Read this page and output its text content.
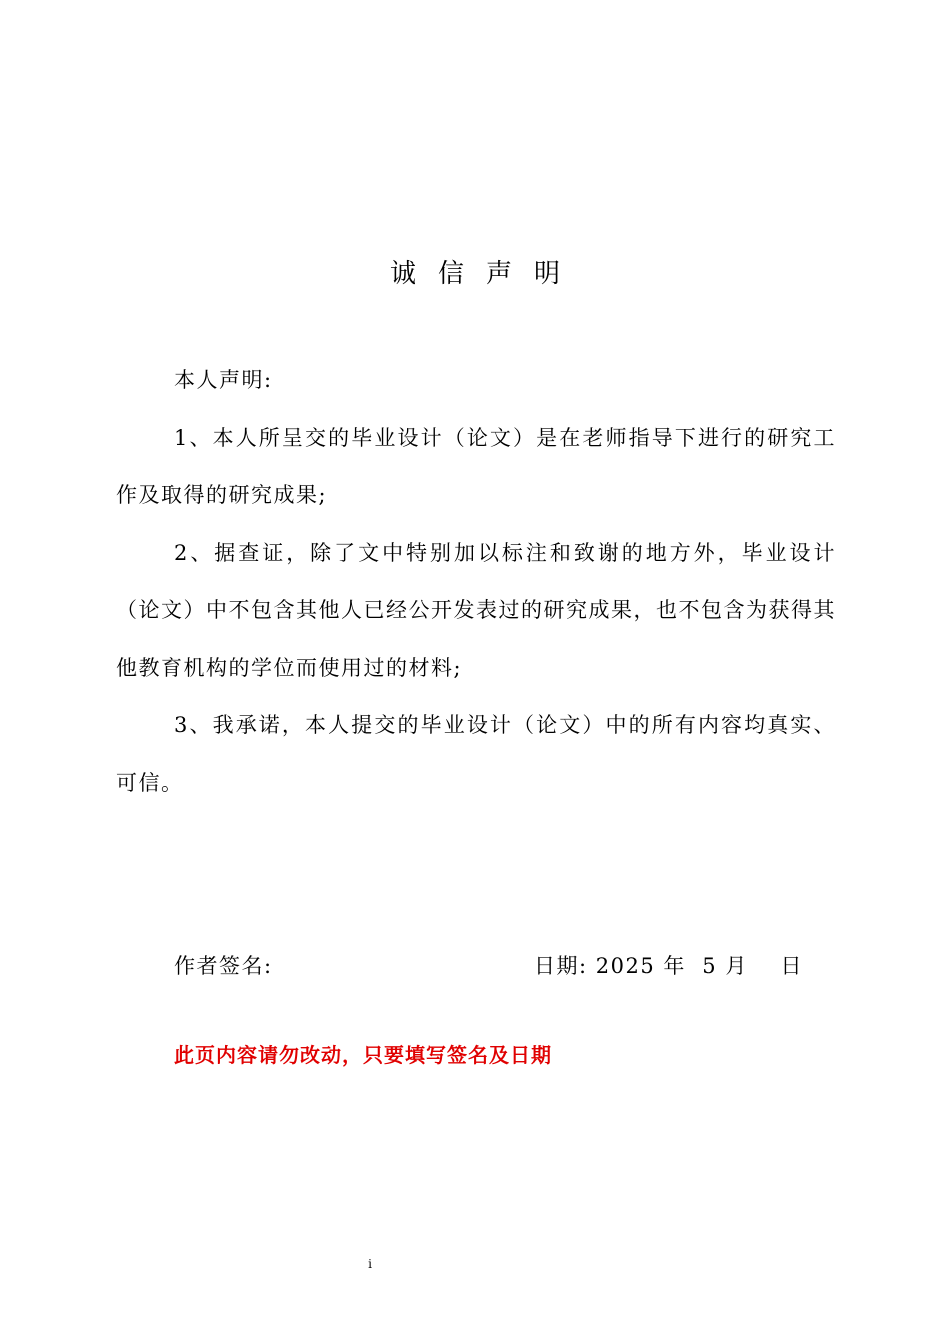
诚信声明

本人声明:

1、本人所呈交的毕业设计（论文）是在老师指导下进行的研究工作及取得的研究成果;

2、据查证，除了文中特别加以标注和致谢的地方外，毕业设计（论文）中不包含其他人已经公开发表过的研究成果，也不包含为获得其他教育机构的学位而使用过的材料;

3、我承诺，本人提交的毕业设计（论文）中的所有内容均真实、可信。

作者签名:	日期: 2025 年 5 月 日
此页内容请勿改动，只要填写签名及日期
i
